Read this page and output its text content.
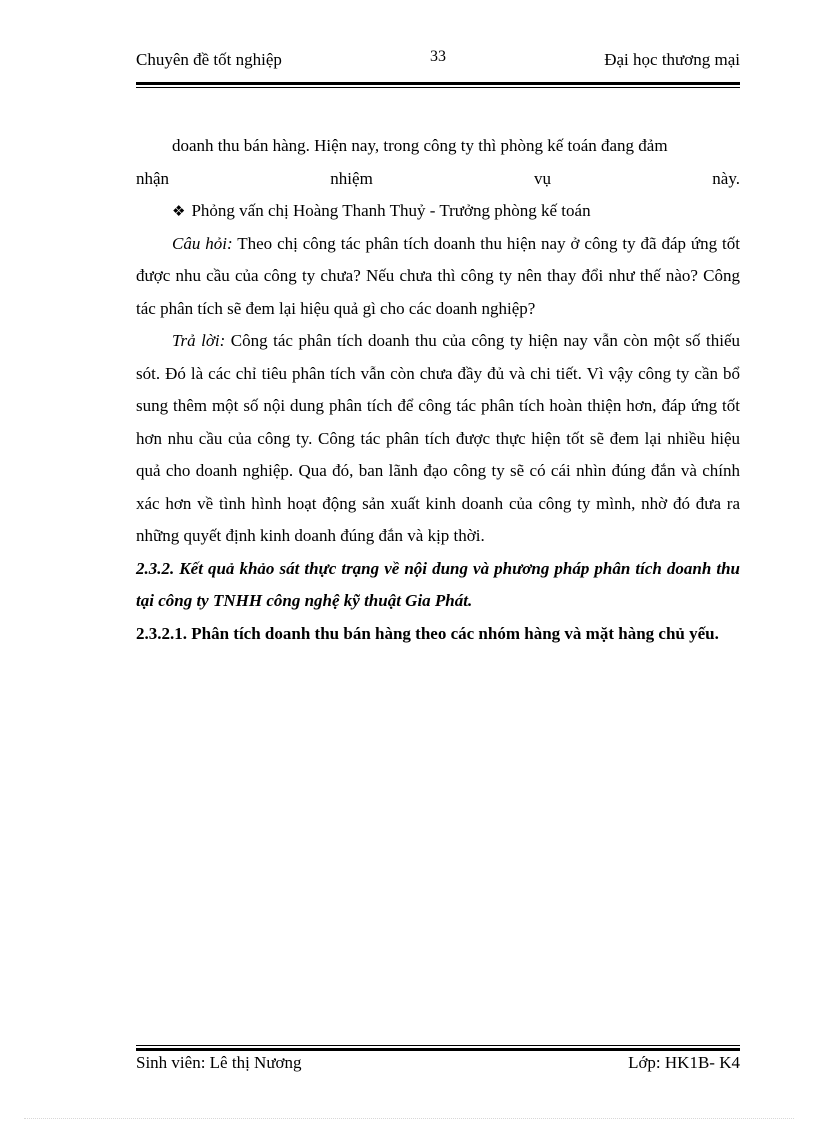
Chuyên đề tốt nghiệp	33	Đại học thương mại

doanh thu bán hàng. Hiện nay, trong công ty thì phòng kế toán đang đảm

nhận nhiệm vụ này.

❖ Phỏng vấn chị Hoàng Thanh Thuỷ - Trưởng phòng kế toán

Câu hỏi: Theo chị công tác phân tích doanh thu hiện nay ở công ty đã đáp ứng tốt được nhu cầu của công ty chưa? Nếu chưa thì công ty nên thay đổi như thế nào? Công tác phân tích sẽ đem lại hiệu quả gì cho các doanh nghiệp?

Trả lời: Công tác phân tích doanh thu của công ty hiện nay vẫn còn một số thiếu sót. Đó là các chỉ tiêu phân tích vẫn còn chưa đầy đủ và chi tiết. Vì vậy công ty cần bổ sung thêm một số nội dung phân tích để công tác phân tích hoàn thiện hơn, đáp ứng tốt hơn nhu cầu của công ty. Công tác phân tích được thực hiện tốt sẽ đem lại nhiều hiệu quả cho doanh nghiệp. Qua đó, ban lãnh đạo công ty sẽ có cái nhìn đúng đắn và chính xác hơn về tình hình hoạt động sản xuất kinh doanh của công ty mình, nhờ đó đưa ra những quyết định kinh doanh đúng đắn và kịp thời.

2.3.2. Kết quả khảo sát thực trạng về nội dung và phương pháp phân tích doanh thu tại công ty TNHH công nghệ kỹ thuật Gia Phát.

2.3.2.1. Phân tích doanh thu bán hàng theo các nhóm hàng và mặt hàng chủ yếu.

Sinh viên: Lê thị Nương	Lớp: HK1B- K4
